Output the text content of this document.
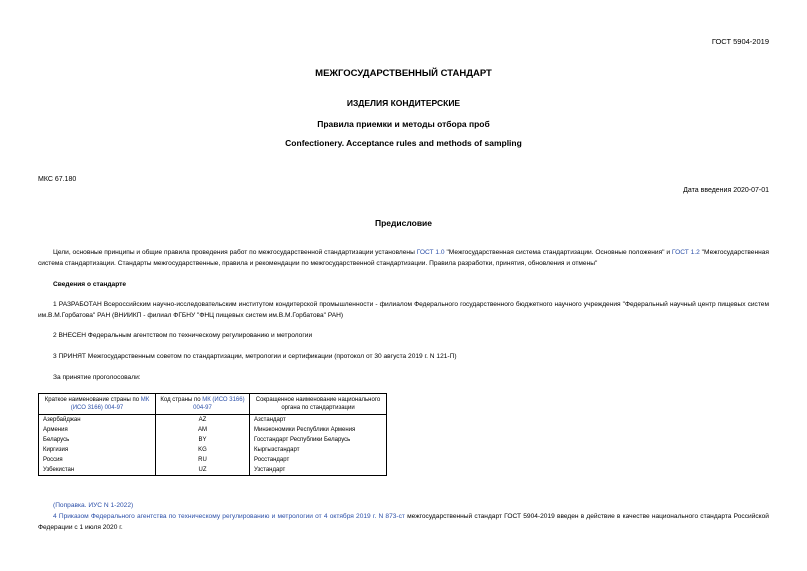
ГОСТ 5904-2019
МЕЖГОСУДАРСТВЕННЫЙ СТАНДАРТ
ИЗДЕЛИЯ КОНДИТЕРСКИЕ
Правила приемки и методы отбора проб
Confectionery. Acceptance rules and methods of sampling
МКС 67.180
Дата введения 2020-07-01
Предисловие
Цели, основные принципы и общие правила проведения работ по межгосударственной стандартизации установлены ГОСТ 1.0 "Межгосударственная система стандартизации. Основные положения" и ГОСТ 1.2 "Межгосударственная система стандартизации. Стандарты межгосударственные, правила и рекомендации по межгосударственной стандартизации. Правила разработки, принятия, обновления и отмены"
Сведения о стандарте
1 РАЗРАБОТАН Всероссийским научно-исследовательским институтом кондитерской промышленности - филиалом Федерального государственного бюджетного научного учреждения "Федеральный научный центр пищевых систем им.В.М.Горбатова" РАН (ВНИИКП - филиал ФГБНУ "ФНЦ пищевых систем им.В.М.Горбатова" РАН)
2 ВНЕСЕН Федеральным агентством по техническому регулированию и метрологии
3 ПРИНЯТ Межгосударственным советом по стандартизации, метрологии и сертификации (протокол от 30 августа 2019 г. N 121-П)
За принятие проголосовали:
Краткое наименование страны по МК (ИСО 3166) 004-97	Код страны по МК (ИСО 3166) 004-97	Сокращенное наименование национального органа по стандартизации
Азербайджан	AZ	Азстандарт
Армения	AM	Минэкономики Республики Армения
Беларусь	BY	Госстандарт Республики Беларусь
Киргизия	KG	Кыргызстандарт
Россия	RU	Росстандарт
Узбекистан	UZ	Узстандарт
(Поправка. ИУС N 1-2022)
4 Приказом Федерального агентства по техническому регулированию и метрологии от 4 октября 2019 г. N 873-ст межгосударственный стандарт ГОСТ 5904-2019 введен в действие в качестве национального стандарта Российской Федерации с 1 июля 2020 г.
